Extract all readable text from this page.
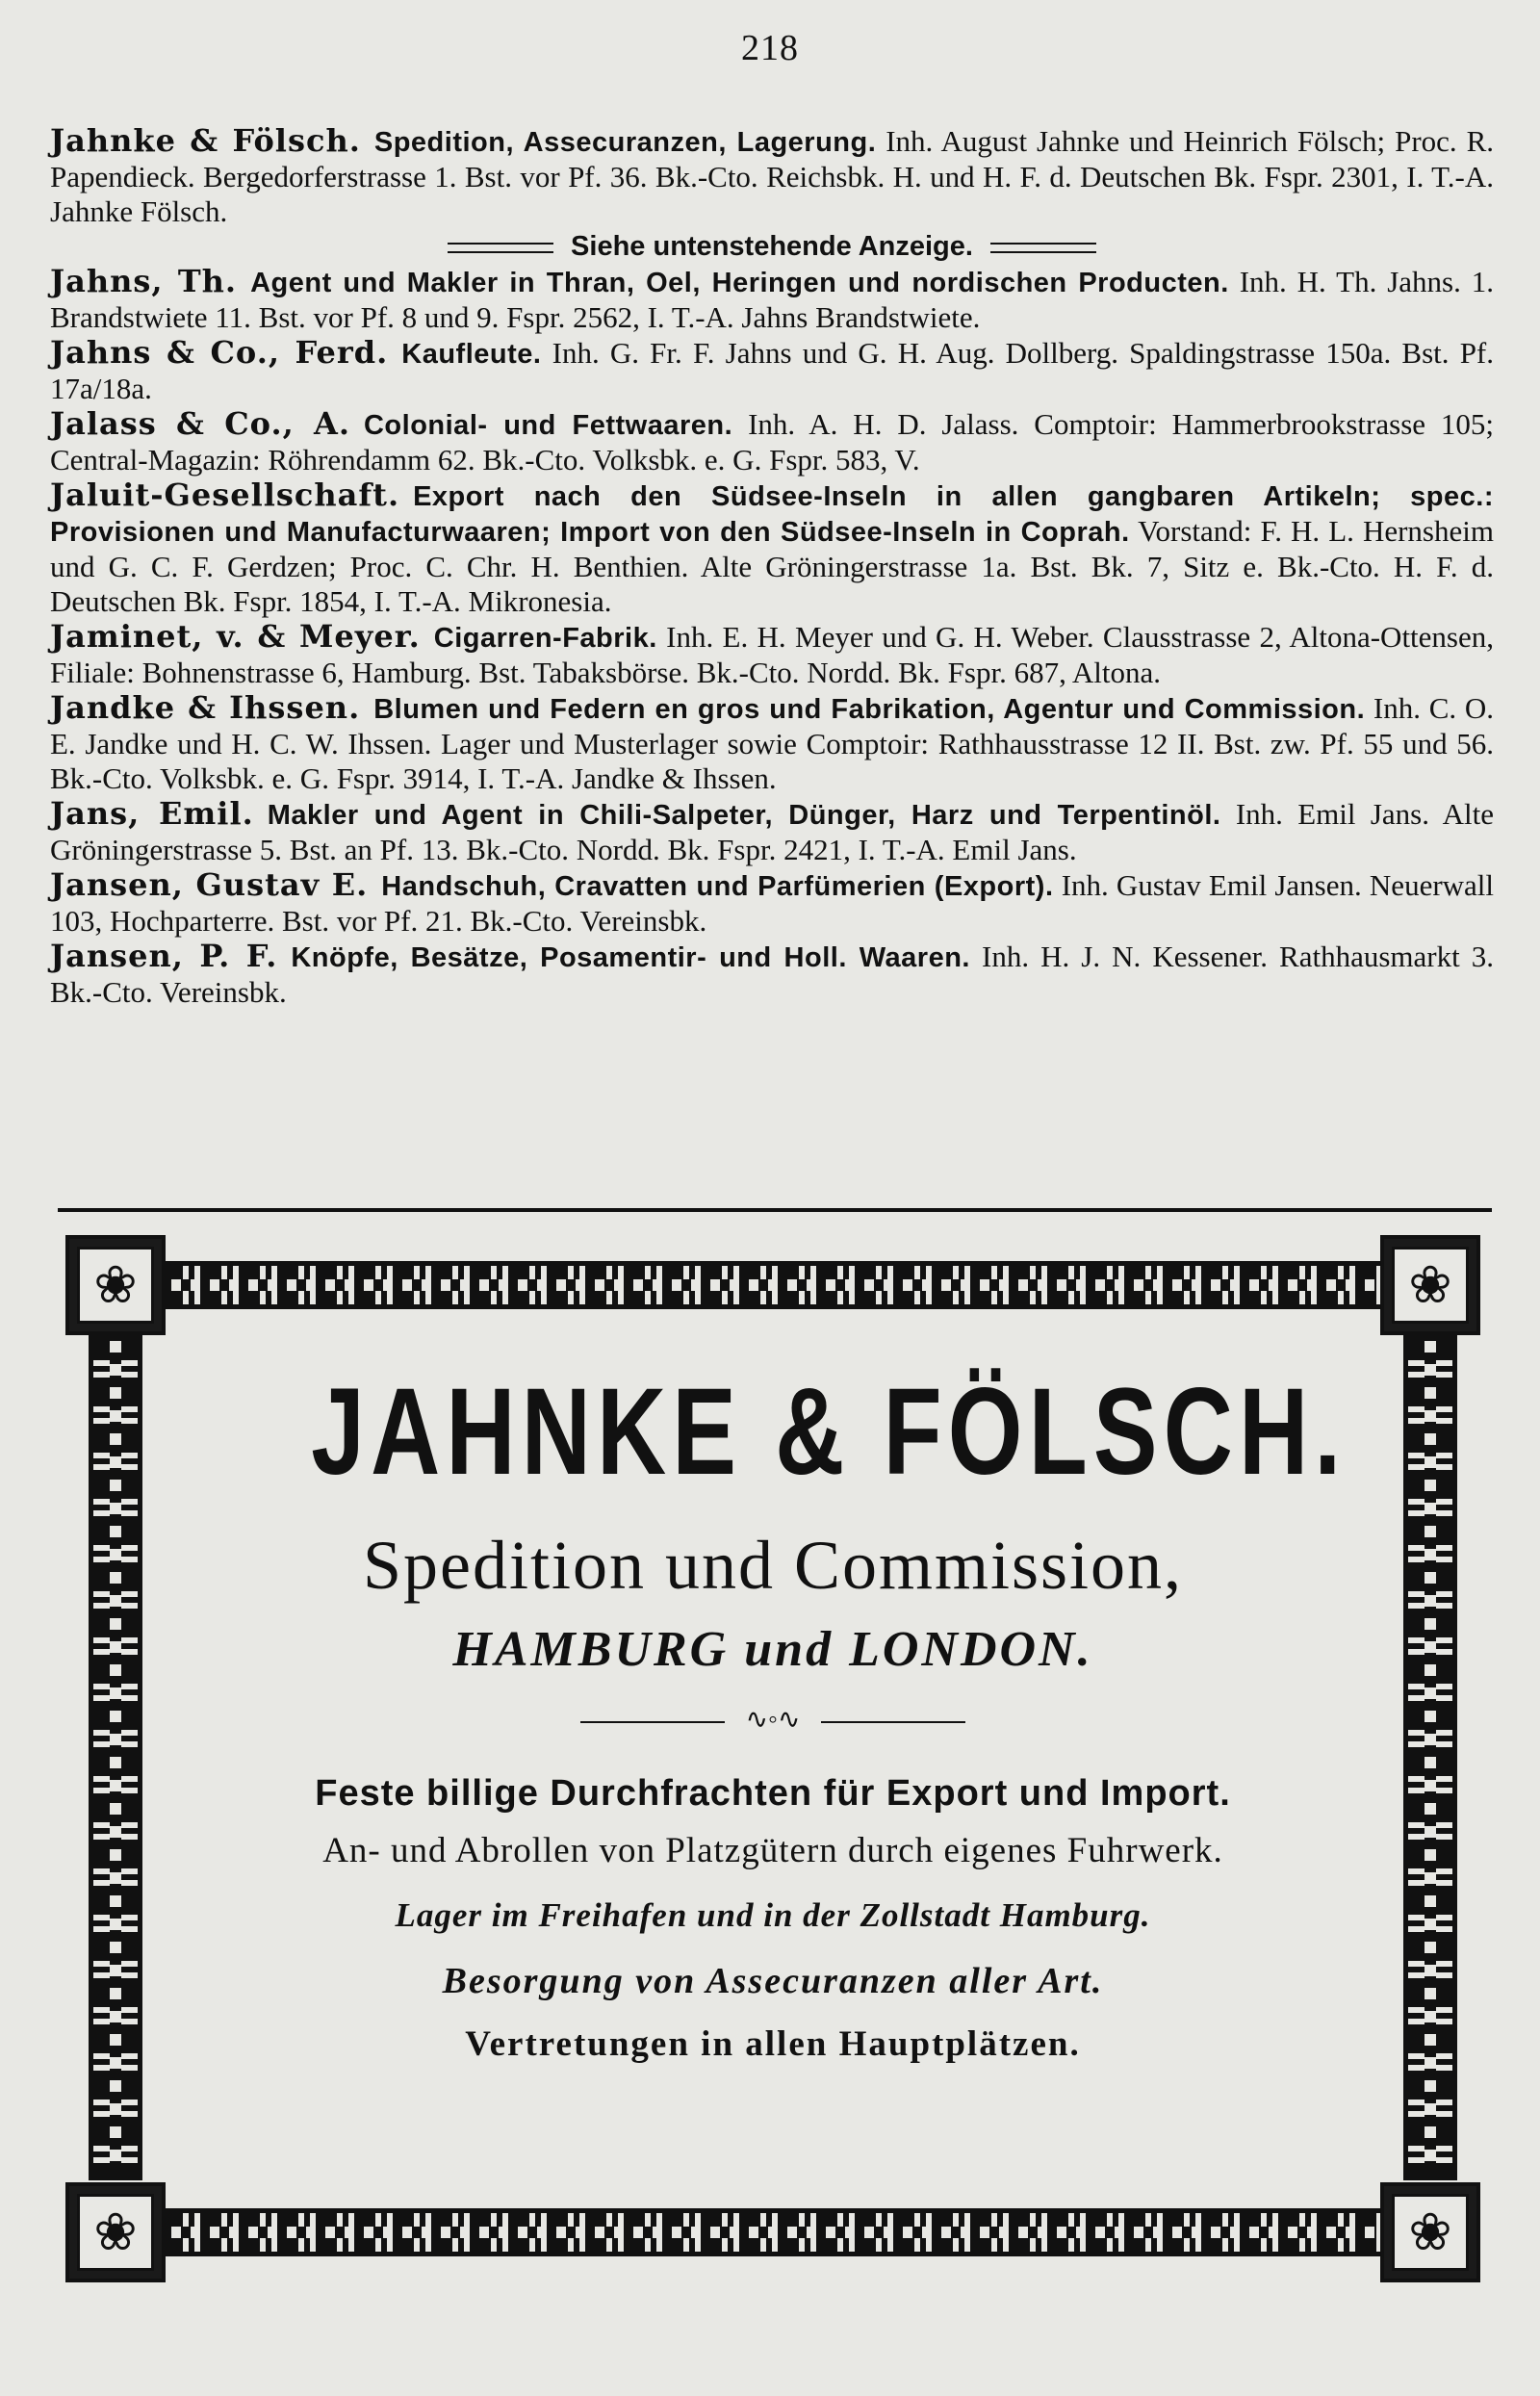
218
Jahnke & Fölsch. Spedition, Assecuranzen, Lagerung. Inh. August Jahnke und Heinrich Fölsch; Proc. R. Papendieck. Bergedorferstrasse 1. Bst. vor Pf. 36. Bk.-Cto. Reichsbk. H. und H. F. d. Deutschen Bk. Fspr. 2301, I. T.-A. Jahnke Fölsch.
Siehe untenstehende Anzeige.
Jahns, Th. Agent und Makler in Thran, Oel, Heringen und nordischen Producten. Inh. H. Th. Jahns. 1. Brandstwiete 11. Bst. vor Pf. 8 und 9. Fspr. 2562, I. T.-A. Jahns Brandstwiete.
Jahns & Co., Ferd. Kaufleute. Inh. G. Fr. F. Jahns und G. H. Aug. Dollberg. Spaldingstrasse 150a. Bst. Pf. 17a/18a.
Jalass & Co., A. Colonial- und Fettwaaren. Inh. A. H. D. Jalass. Comptoir: Hammerbrookstrasse 105; Central-Magazin: Röhrendamm 62. Bk.-Cto. Volksbk. e. G. Fspr. 583, V.
Jaluit-Gesellschaft. Export nach den Südsee-Inseln in allen gangbaren Artikeln; spec.: Provisionen und Manufacturwaaren; Import von den Südsee-Inseln in Coprah. Vorstand: F. H. L. Hernsheim und G. C. F. Gerdzen; Proc. C. Chr. H. Benthien. Alte Gröningerstrasse 1a. Bst. Bk. 7, Sitz e. Bk.-Cto. H. F. d. Deutschen Bk. Fspr. 1854, I. T.-A. Mikronesia.
Jaminet, v. & Meyer. Cigarren-Fabrik. Inh. E. H. Meyer und G. H. Weber. Clausstrasse 2, Altona-Ottensen, Filiale: Bohnenstrasse 6, Hamburg. Bst. Tabaksbörse. Bk.-Cto. Nordd. Bk. Fspr. 687, Altona.
Jandke & Ihssen. Blumen und Federn en gros und Fabrikation, Agentur und Commission. Inh. C. O. E. Jandke und H. C. W. Ihssen. Lager und Musterlager sowie Comptoir: Rathhausstrasse 12 II. Bst. zw. Pf. 55 und 56. Bk.-Cto. Volksbk. e. G. Fspr. 3914, I. T.-A. Jandke & Ihssen.
Jans, Emil. Makler und Agent in Chili-Salpeter, Dünger, Harz und Terpentinöl. Inh. Emil Jans. Alte Gröningerstrasse 5. Bst. an Pf. 13. Bk.-Cto. Nordd. Bk. Fspr. 2421, I. T.-A. Emil Jans.
Jansen, Gustav E. Handschuh, Cravatten und Parfümerien (Export). Inh. Gustav Emil Jansen. Neuerwall 103, Hochparterre. Bst. vor Pf. 21. Bk.-Cto. Vereinsbk.
Jansen, P. F. Knöpfe, Besätze, Posamentir- und Holl. Waaren. Inh. H. J. N. Kessener. Rathhausmarkt 3. Bk.-Cto. Vereinsbk.
❀	❀
❀	❀
JAHNKE & FÖLSCH.
Spedition und Commission,
HAMBURG und LONDON.
∿◦∿
Feste billige Durchfrachten für Export und Import.
An- und Abrollen von Platzgütern durch eigenes Fuhrwerk.
Lager im Freihafen und in der Zollstadt Hamburg.
Besorgung von Assecuranzen aller Art.
Vertretungen in allen Hauptplätzen.
